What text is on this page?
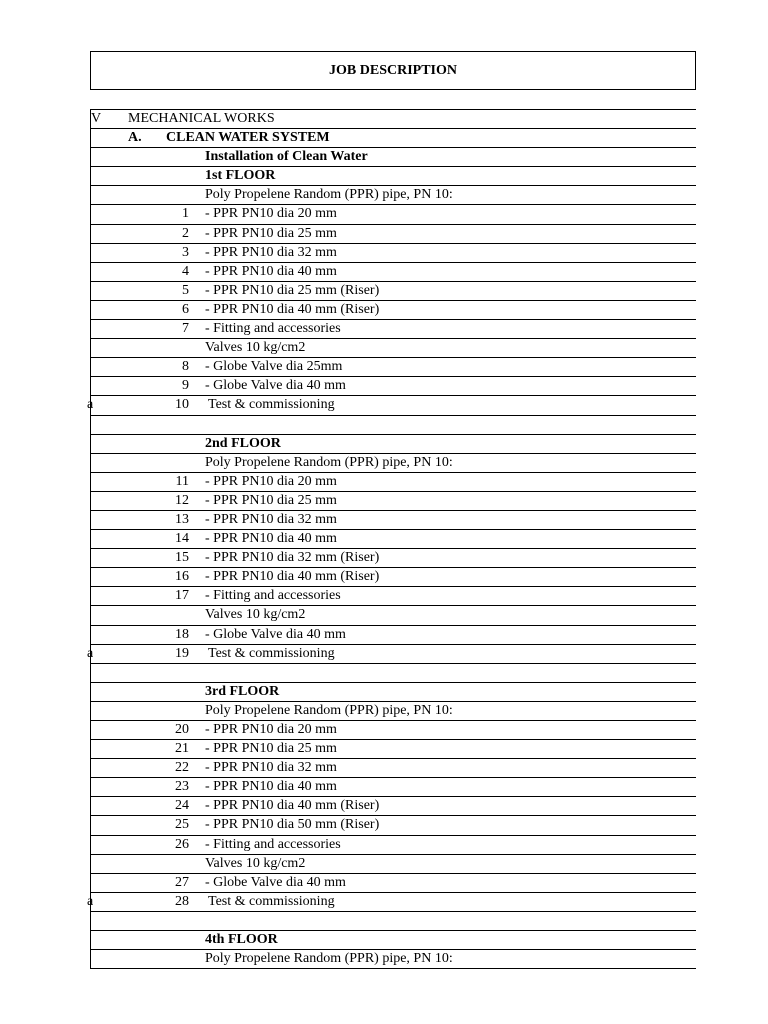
JOB DESCRIPTION
V MECHANICAL WORKS
A. CLEAN WATER SYSTEM
Installation of Clean Water
1st FLOOR
Poly Propelene Random (PPR) pipe, PN 10:
1 - PPR PN10 dia 20 mm
2 - PPR PN10 dia 25 mm
3 - PPR PN10 dia 32 mm
4 - PPR PN10 dia 40 mm
5 - PPR PN10 dia 25 mm (Riser)
6 - PPR PN10 dia 40 mm (Riser)
7 - Fitting and accessories
Valves 10 kg/cm2
8 - Globe Valve dia 25mm
9 - Globe Valve dia 40 mm
a	10 Test & commissioning
2nd FLOOR
Poly Propelene Random (PPR) pipe, PN 10:
11 - PPR PN10 dia 20 mm
12 - PPR PN10 dia 25 mm
13 - PPR PN10 dia 32 mm
14 - PPR PN10 dia 40 mm
15 - PPR PN10 dia 32 mm (Riser)
16 - PPR PN10 dia 40 mm (Riser)
17 - Fitting and accessories
Valves 10 kg/cm2
18 - Globe Valve dia 40 mm
a	19 Test & commissioning
3rd FLOOR
Poly Propelene Random (PPR) pipe, PN 10:
20 - PPR PN10 dia 20 mm
21 - PPR PN10 dia 25 mm
22 - PPR PN10 dia 32 mm
23 - PPR PN10 dia 40 mm
24 - PPR PN10 dia 40 mm (Riser)
25 - PPR PN10 dia 50 mm (Riser)
26 - Fitting and accessories
Valves 10 kg/cm2
27 - Globe Valve dia 40 mm
a	28 Test & commissioning
4th FLOOR
Poly Propelene Random (PPR) pipe, PN 10:
